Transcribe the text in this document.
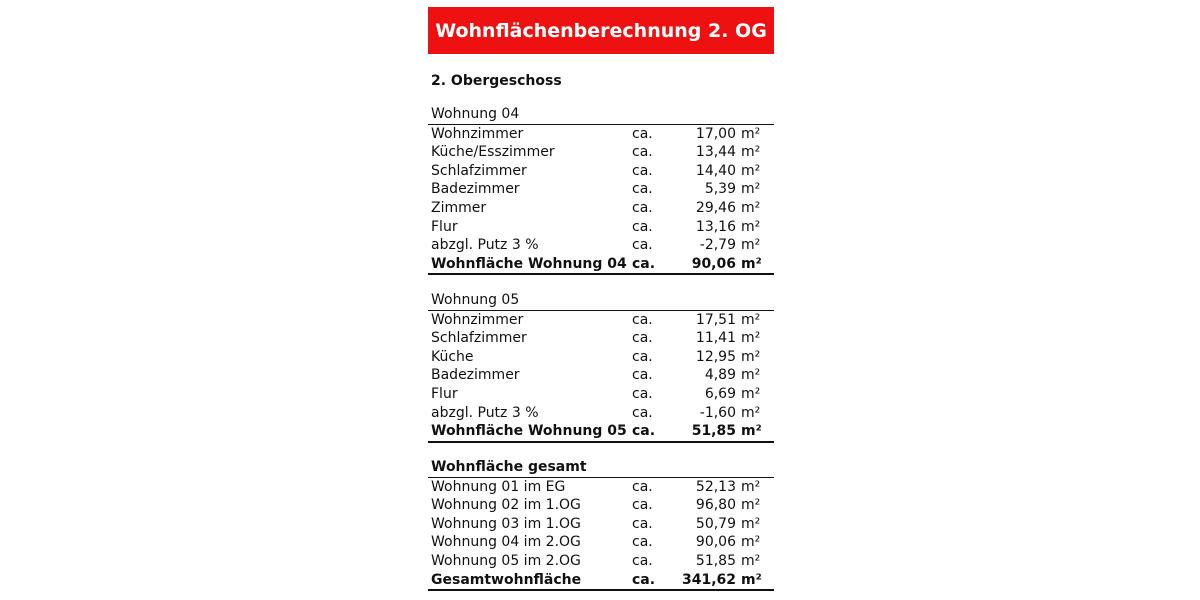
Wohnflächenberechnung 2. OG
2. Obergeschoss
Wohnung 04
Wohnzimmer	ca.	17,00 m²
Küche/Esszimmer	ca.	13,44 m²
Schlafzimmer	ca.	14,40 m²
Badezimmer	ca.	5,39 m²
Zimmer	ca.	29,46 m²
Flur	ca.	13,16 m²
abzgl. Putz 3 %	ca.	-2,79 m²
Wohnfläche Wohnung 04 ca.	90,06 m²
Wohnung 05
Wohnzimmer	ca.	17,51 m²
Schlafzimmer	ca.	11,41 m²
Küche	ca.	12,95 m²
Badezimmer	ca.	4,89 m²
Flur	ca.	6,69 m²
abzgl. Putz 3 %	ca.	-1,60 m²
Wohnfläche Wohnung 05 ca.	51,85 m²
Wohnfläche gesamt
Wohnung 01 im EG	ca.	52,13 m²
Wohnung 02 im 1.OG	ca.	96,80 m²
Wohnung 03 im 1.OG	ca.	50,79 m²
Wohnung 04 im 2.OG	ca.	90,06 m²
Wohnung 05 im 2.OG	ca.	51,85 m²
Gesamtwohnfläche	ca. 341,62 m²
